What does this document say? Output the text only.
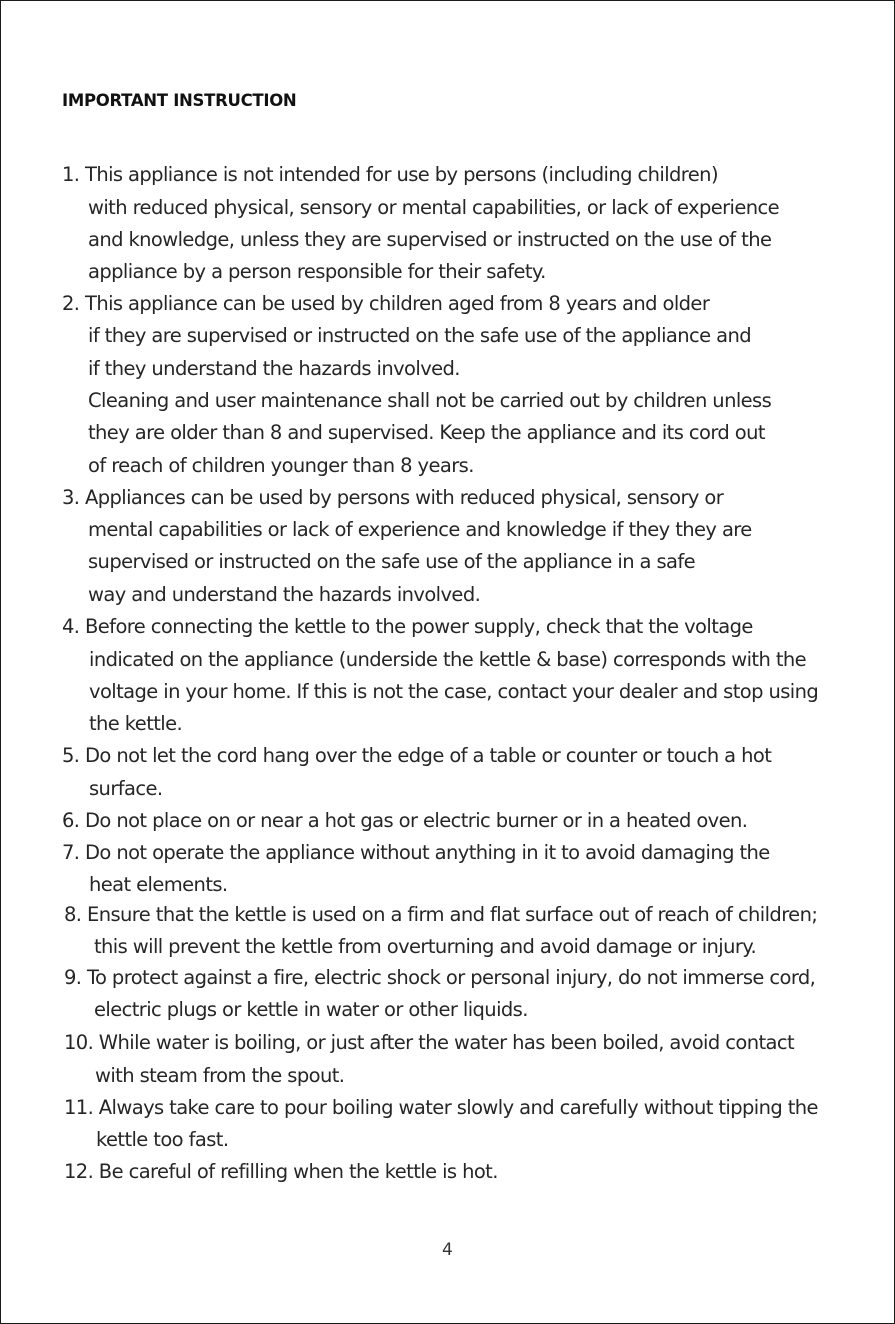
IMPORTANT INSTRUCTION
1. This appliance is not intended for use by persons (including children)
with reduced physical, sensory or mental capabilities, or lack of experience
and knowledge, unless they are supervised or instructed on the use of the
appliance by a person responsible for their safety.
2. This appliance can be used by children aged from 8 years and older
if they are supervised or instructed on the safe use of the appliance and
if they understand the hazards involved.
Cleaning and user maintenance shall not be carried out by children unless
they are older than 8 and supervised. Keep the appliance and its cord out
of reach of children younger than 8 years.
3. Appliances can be used by persons with reduced physical, sensory or
mental capabilities or lack of experience and knowledge if they they are
supervised or instructed on the safe use of the appliance in a safe
way and understand the hazards involved.
4. Before connecting the kettle to the power supply, check that the voltage
indicated on the appliance (underside the kettle & base) corresponds with the
voltage in your home. If this is not the case, contact your dealer and stop using
the kettle.
5. Do not let the cord hang over the edge of a table or counter or touch a hot
surface.
6. Do not place on or near a hot gas or electric burner or in a heated oven.
7. Do not operate the appliance without anything in it to avoid damaging the
heat elements.
8. Ensure that the kettle is used on a firm and flat surface out of reach of children;
this will prevent the kettle from overturning and avoid damage or injury.
9. To protect against a fire, electric shock or personal injury, do not immerse cord,
electric plugs or kettle in water or other liquids.
10. While water is boiling, or just after the water has been boiled, avoid contact
with steam from the spout.
11. Always take care to pour boiling water slowly and carefully without tipping the
kettle too fast.
12. Be careful of refilling when the kettle is hot.
4
